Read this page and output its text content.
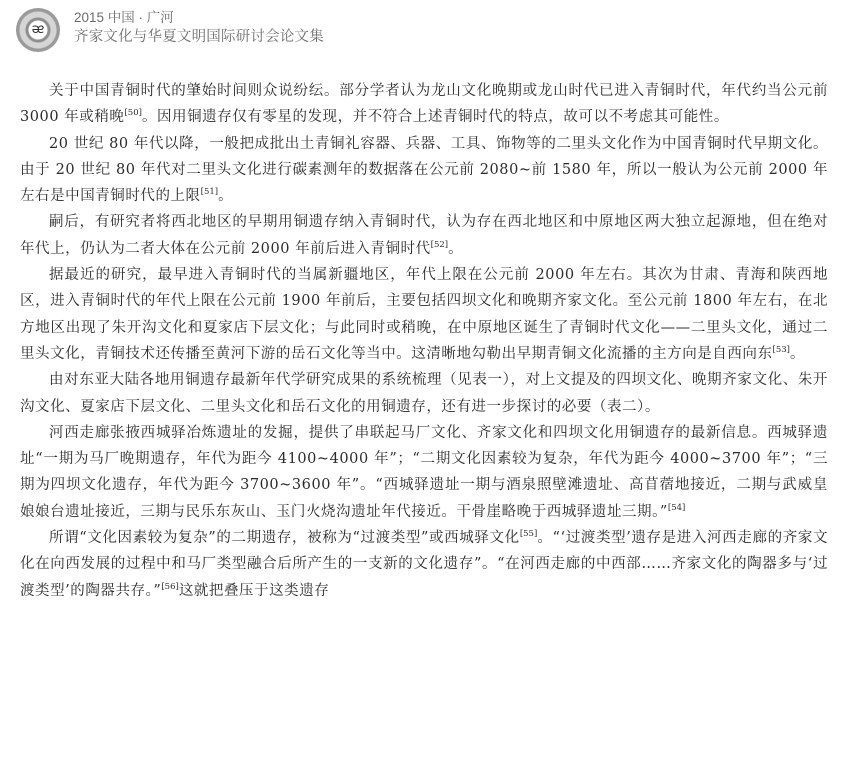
ᴂ
2015 中国 · 广河
齐家文化与华夏文明国际研讨会论文集

关于中国青铜时代的肇始时间则众说纷纭。部分学者认为龙山文化晚期或龙山时代已进入青铜时代，年代约当公元前 3000 年或稍晚[50]。因用铜遗存仅有零星的发现，并不符合上述青铜时代的特点，故可以不考虑其可能性。

20 世纪 80 年代以降，一般把成批出土青铜礼容器、兵器、工具、饰物等的二里头文化作为中国青铜时代早期文化。由于 20 世纪 80 年代对二里头文化进行碳素测年的数据落在公元前 2080~前 1580 年，所以一般认为公元前 2000 年左右是中国青铜时代的上限[51]。

嗣后，有研究者将西北地区的早期用铜遗存纳入青铜时代，认为存在西北地区和中原地区两大独立起源地，但在绝对年代上，仍认为二者大体在公元前 2000 年前后进入青铜时代[52]。

据最近的研究，最早进入青铜时代的当属新疆地区，年代上限在公元前 2000 年左右。其次为甘肃、青海和陕西地区，进入青铜时代的年代上限在公元前 1900 年前后，主要包括四坝文化和晚期齐家文化。至公元前 1800 年左右，在北方地区出现了朱开沟文化和夏家店下层文化；与此同时或稍晚，在中原地区诞生了青铜时代文化——二里头文化，通过二里头文化，青铜技术还传播至黄河下游的岳石文化等当中。这清晰地勾勒出早期青铜文化流播的主方向是自西向东[53]。

由对东亚大陆各地用铜遗存最新年代学研究成果的系统梳理（见表一），对上文提及的四坝文化、晚期齐家文化、朱开沟文化、夏家店下层文化、二里头文化和岳石文化的用铜遗存，还有进一步探讨的必要（表二）。

河西走廊张掖西城驿冶炼遗址的发掘，提供了串联起马厂文化、齐家文化和四坝文化用铜遗存的最新信息。西城驿遗址“一期为马厂晚期遗存，年代为距今 4100~4000 年”；“二期文化因素较为复杂，年代为距今 4000~3700 年”；“三期为四坝文化遗存，年代为距今 3700~3600 年”。“西城驿遗址一期与酒泉照壁滩遗址、高苜蓿地接近，二期与武威皇娘娘台遗址接近，三期与民乐东灰山、玉门火烧沟遗址年代接近。干骨崖略晚于西城驿遗址三期。”[54]

所谓“文化因素较为复杂”的二期遗存，被称为“过渡类型”或西城驿文化[55]。“‘过渡类型’遗存是进入河西走廊的齐家文化在向西发展的过程中和马厂类型融合后所产生的一支新的文化遗存”。“在河西走廊的中西部……齐家文化的陶器多与‘过渡类型’的陶器共存。”[56]这就把叠压于这类遗存
